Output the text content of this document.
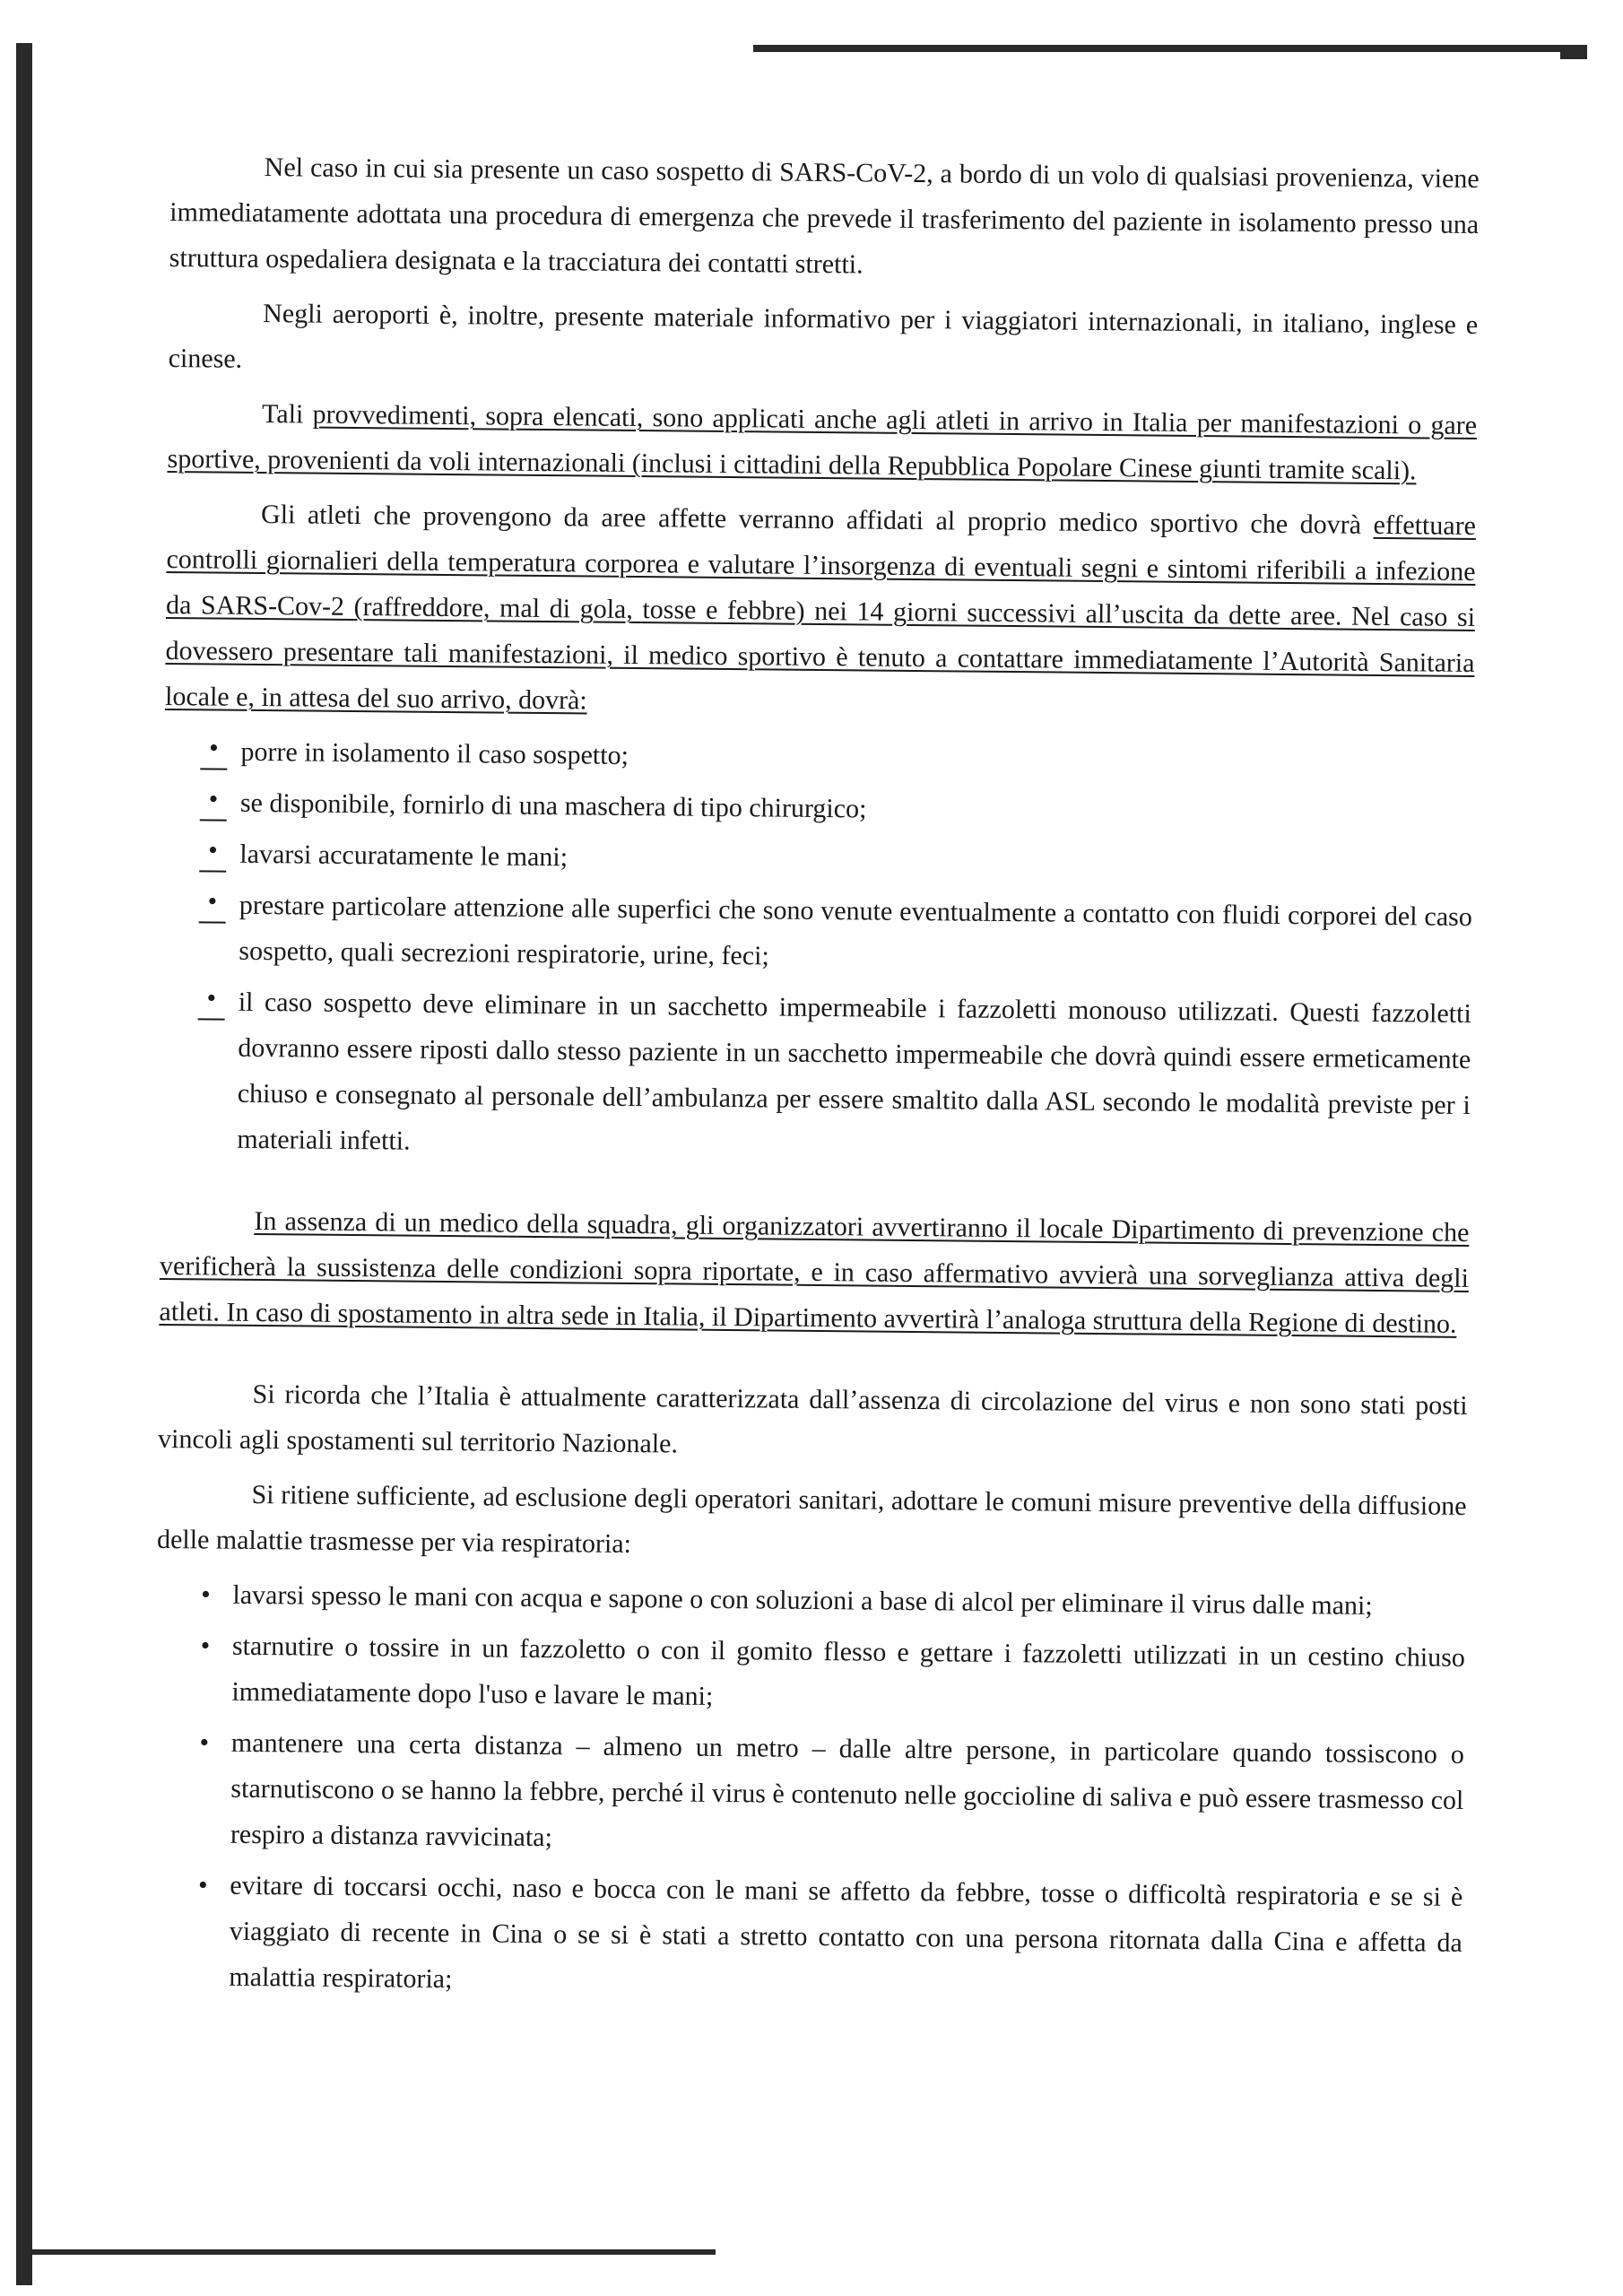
Nel caso in cui sia presente un caso sospetto di SARS-CoV-2, a bordo di un volo di qualsiasi provenienza, viene immediatamente adottata una procedura di emergenza che prevede il trasferimento del paziente in isolamento presso una struttura ospedaliera designata e la tracciatura dei contatti stretti.

Negli aeroporti è, inoltre, presente materiale informativo per i viaggiatori internazionali, in italiano, inglese e cinese.

Tali provvedimenti, sopra elencati, sono applicati anche agli atleti in arrivo in Italia per manifestazioni o gare sportive, provenienti da voli internazionali (inclusi i cittadini della Repubblica Popolare Cinese giunti tramite scali).

Gli atleti che provengono da aree affette verranno affidati al proprio medico sportivo che dovrà effettuare controlli giornalieri della temperatura corporea e valutare l’insorgenza di eventuali segni e sintomi riferibili a infezione da SARS-Cov-2 (raffreddore, mal di gola, tosse e febbre) nei 14 giorni successivi all’uscita da dette aree. Nel caso si dovessero presentare tali manifestazioni, il medico sportivo è tenuto a contattare immediatamente l’Autorità Sanitaria locale e, in attesa del suo arrivo, dovrà:

• porre in isolamento il caso sospetto;
• se disponibile, fornirlo di una maschera di tipo chirurgico;
• lavarsi accuratamente le mani;
• prestare particolare attenzione alle superfici che sono venute eventualmente a contatto con fluidi corporei del caso sospetto, quali secrezioni respiratorie, urine, feci;
• il caso sospetto deve eliminare in un sacchetto impermeabile i fazzoletti monouso utilizzati. Questi fazzoletti dovranno essere riposti dallo stesso paziente in un sacchetto impermeabile che dovrà quindi essere ermeticamente chiuso e consegnato al personale dell’ambulanza per essere smaltito dalla ASL secondo le modalità previste per i materiali infetti.

In assenza di un medico della squadra, gli organizzatori avvertiranno il locale Dipartimento di prevenzione che verificherà la sussistenza delle condizioni sopra riportate, e in caso affermativo avvierà una sorveglianza attiva degli atleti. In caso di spostamento in altra sede in Italia, il Dipartimento avvertirà l’analoga struttura della Regione di destino.

Si ricorda che l’Italia è attualmente caratterizzata dall’assenza di circolazione del virus e non sono stati posti vincoli agli spostamenti sul territorio Nazionale.

Si ritiene sufficiente, ad esclusione degli operatori sanitari, adottare le comuni misure preventive della diffusione delle malattie trasmesse per via respiratoria:

• lavarsi spesso le mani con acqua e sapone o con soluzioni a base di alcol per eliminare il virus dalle mani;
• starnutire o tossire in un fazzoletto o con il gomito flesso e gettare i fazzoletti utilizzati in un cestino chiuso immediatamente dopo l'uso e lavare le mani;
• mantenere una certa distanza – almeno un metro – dalle altre persone, in particolare quando tossiscono o starnutiscono o se hanno la febbre, perché il virus è contenuto nelle goccioline di saliva e può essere trasmesso col respiro a distanza ravvicinata;
• evitare di toccarsi occhi, naso e bocca con le mani se affetto da febbre, tosse o difficoltà respiratoria e se si è viaggiato di recente in Cina o se si è stati a stretto contatto con una persona ritornata dalla Cina e affetta da malattia respiratoria;
